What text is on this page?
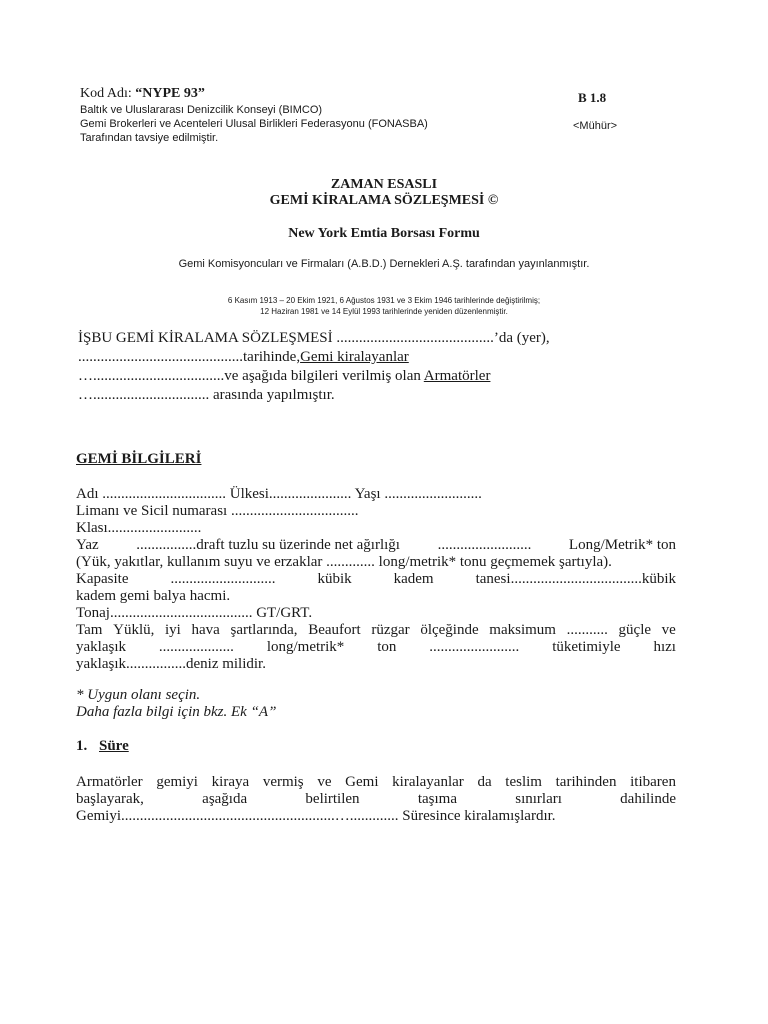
Kod Adı: “NYPE 93”
Baltık ve Uluslararası Denizcilik Konseyi (BIMCO)
Gemi Brokerleri ve Acenteleri Ulusal Birlikleri Federasyonu (FONASBA)
Tarafından tavsiye edilmiştir.
B 1.8
<Mühür>
ZAMAN ESASLI
GEMİ KİRALAMA SÖZLEŞMESİ ©
New York Emtia Borsası Formu
Gemi Komisyoncuları ve Firmaları (A.B.D.) Dernekleri A.Ş. tarafından yayınlanmıştır.
6 Kasım 1913 – 20 Ekim 1921, 6 Ağustos 1931 ve 3 Ekim 1946 tarihlerinde değiştirilmiş;
12 Haziran 1981 ve 14 Eylül 1993 tarihlerinde yeniden düzenlenmiştir.
İŞBU GEMİ KİRALAMA SÖZLEŞMESİ ..........................................’da (yer),
............................................tarihinde,Gemi kiralayanlar
…...................................ve aşağıda bilgileri verilmiş olan Armatörler
…............................... arasında yapılmıştır.
GEMİ BİLGİLERİ
Adı ................................. Ülkesi...................... Yaşı ..........................
Limanı ve Sicil numarası ..................................
Klası.........................
Yaz	................draft tuzlu su üzerinde net ağırlığı	.........................	Long/Metrik* ton
(Yük, yakıtlar, kullanım suyu ve erzaklar ............. long/metrik* tonu geçmemek şartıyla).
Kapasite	............................	kübik	kadem	tanesi...................................kübik
kadem gemi balya hacmi.
Tonaj...................................... GT/GRT.
Tam Yüklü, iyi hava şartlarında, Beaufort rüzgar ölçeğinde maksimum ........... güçle ve
yaklaşık .................... long/metrik* ton ........................ tüketimiyle hızı
yaklaşık................deniz milidir.
* Uygun olanı seçin.
Daha fazla bilgi için bkz. Ek “A”
1. Süre
Armatörler gemiyi kiraya vermiş ve Gemi kiralayanlar da teslim tarihinden itibaren
başlayarak,	aşağıda	belirtilen	taşıma	sınırları	dahilinde
Gemiyi.........................................................…............. Süresince kiralamışlardır.
